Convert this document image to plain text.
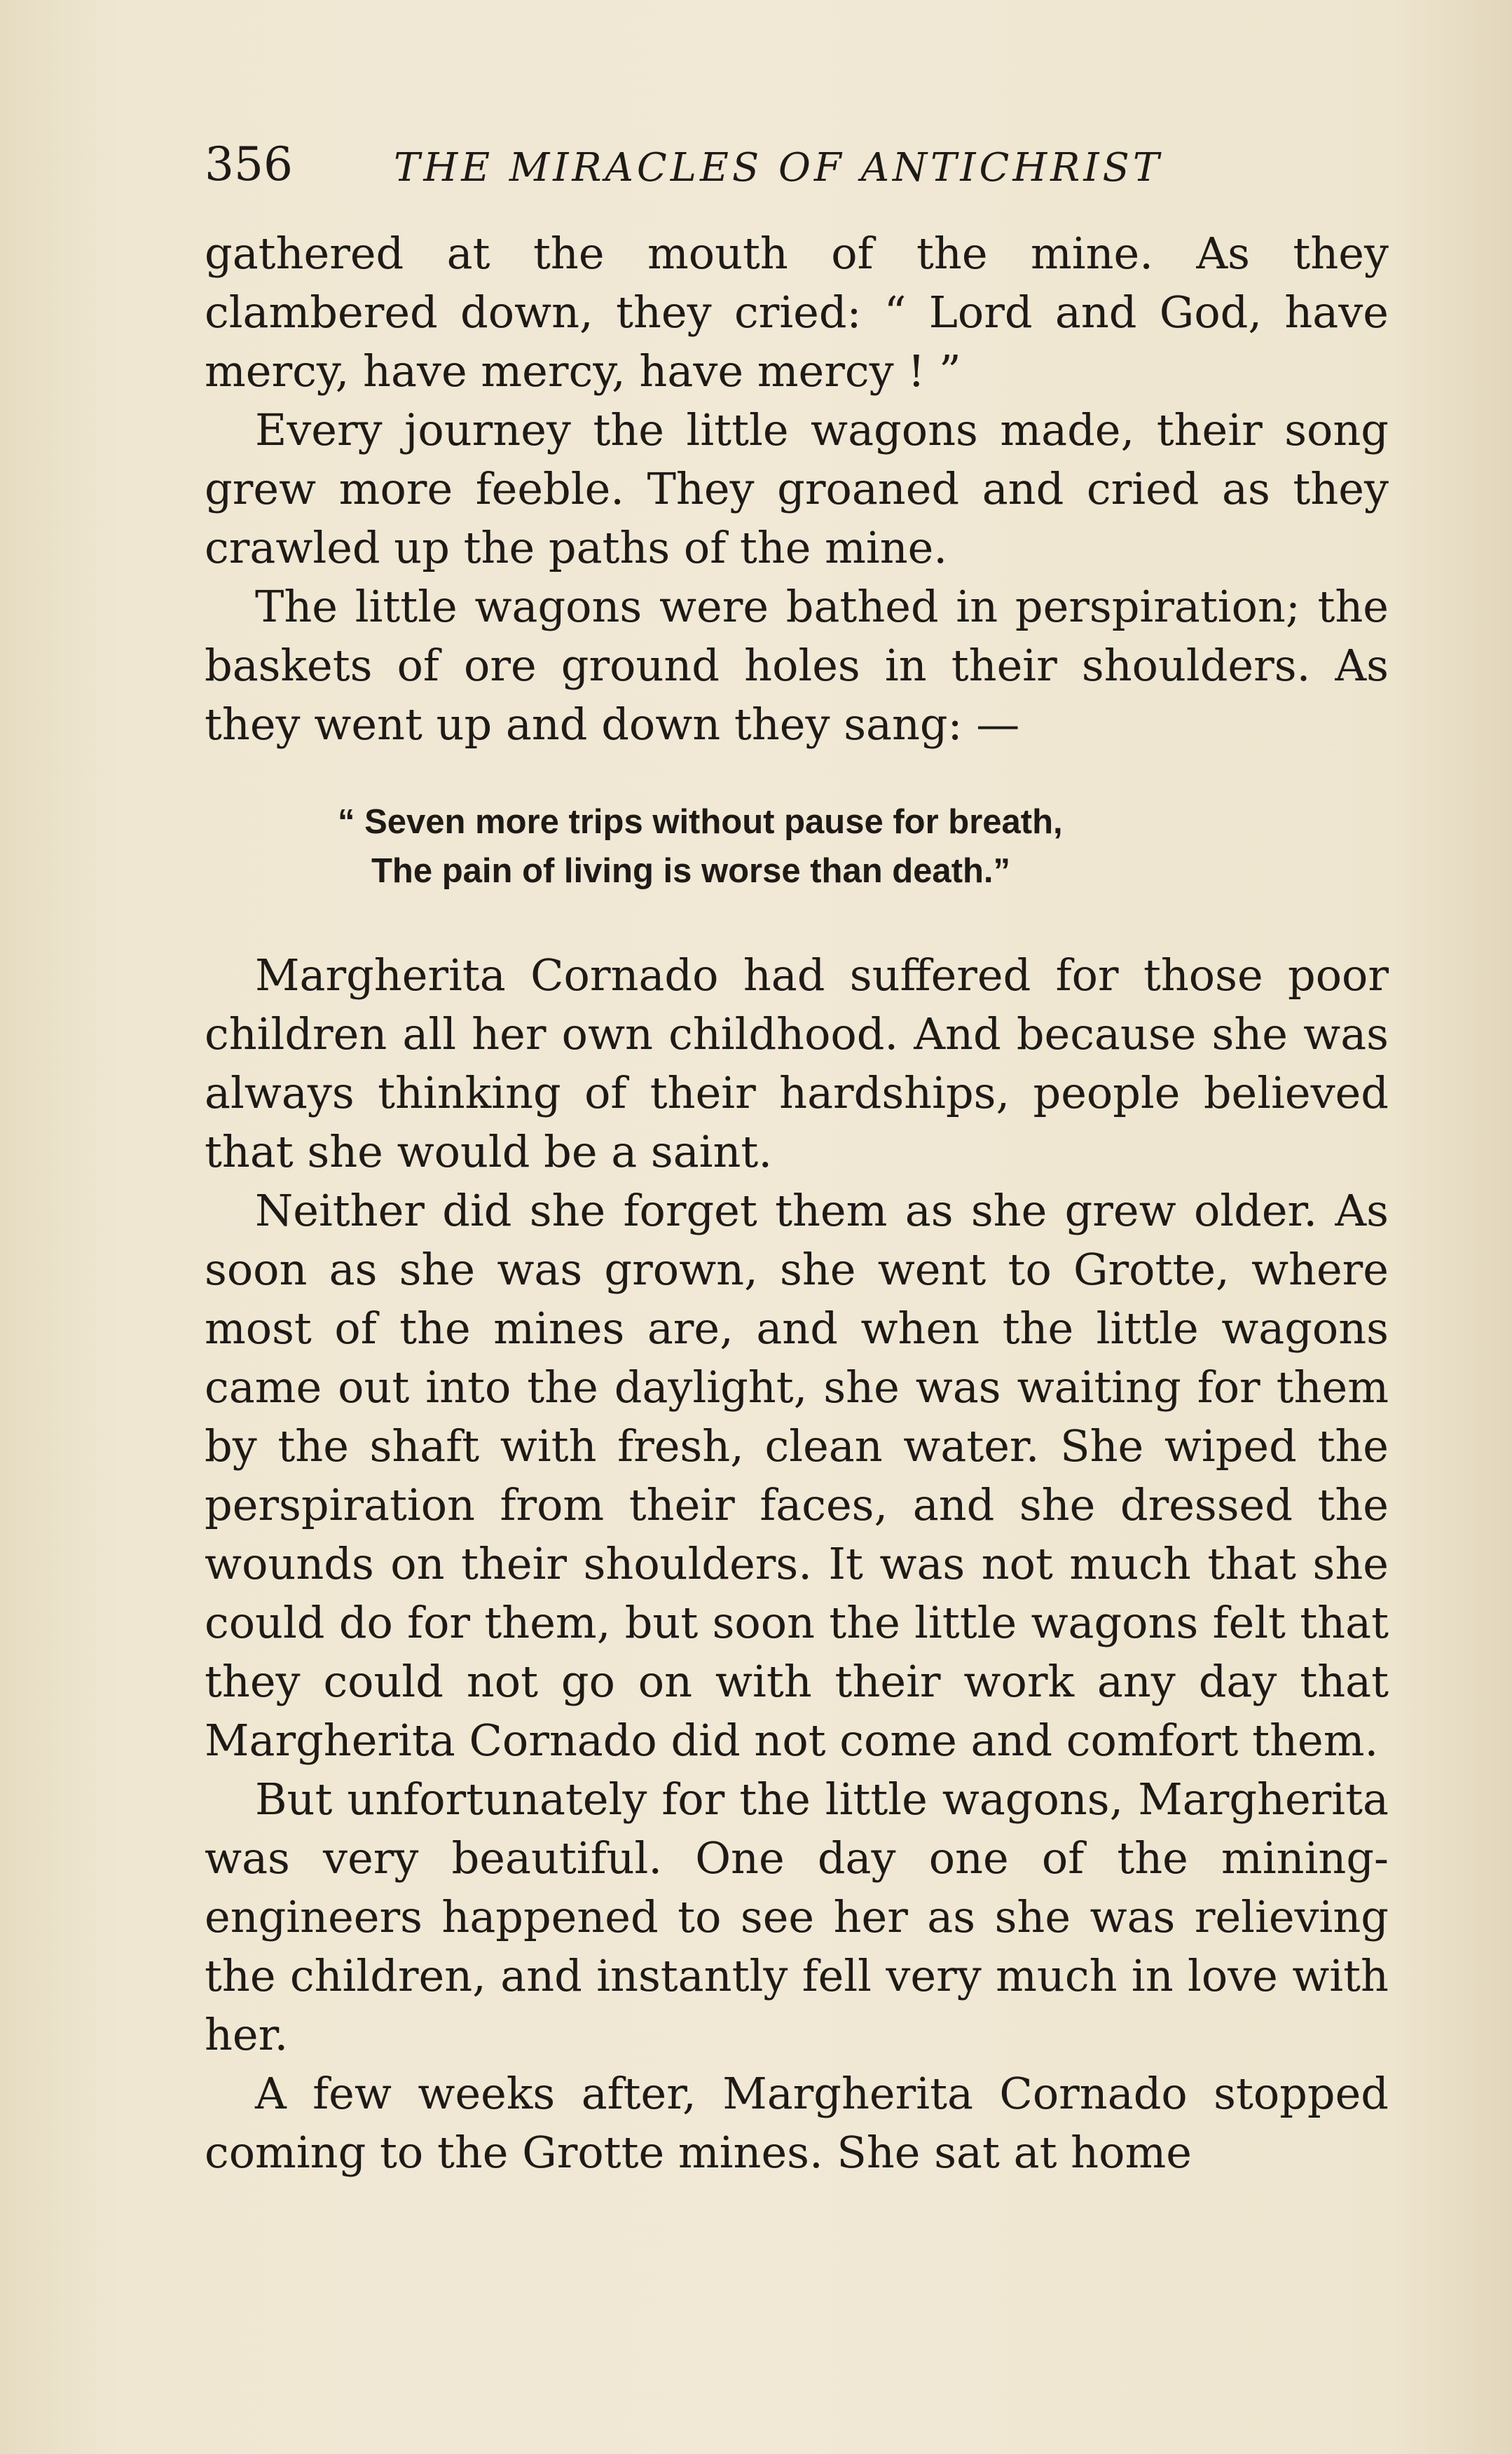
356	THE MIRACLES OF ANTICHRIST

gathered at the mouth of the mine. As they clambered down, they cried: “ Lord and God, have mercy, have mercy, have mercy ! ”

Every journey the little wagons made, their song grew more feeble. They groaned and cried as they crawled up the paths of the mine.

The little wagons were bathed in perspiration; the baskets of ore ground holes in their shoulders. As they went up and down they sang: —

“ Seven more trips without pause for breath,
The pain of living is worse than death.”

Margherita Cornado had suffered for those poor children all her own childhood. And because she was always thinking of their hardships, people believed that she would be a saint.

Neither did she forget them as she grew older. As soon as she was grown, she went to Grotte, where most of the mines are, and when the little wagons came out into the daylight, she was waiting for them by the shaft with fresh, clean water. She wiped the perspiration from their faces, and she dressed the wounds on their shoulders. It was not much that she could do for them, but soon the little wagons felt that they could not go on with their work any day that Margherita Cornado did not come and comfort them.

But unfortunately for the little wagons, Margherita was very beautiful. One day one of the mining-engineers happened to see her as she was relieving the children, and instantly fell very much in love with her.

A few weeks after, Margherita Cornado stopped coming to the Grotte mines. She sat at home
